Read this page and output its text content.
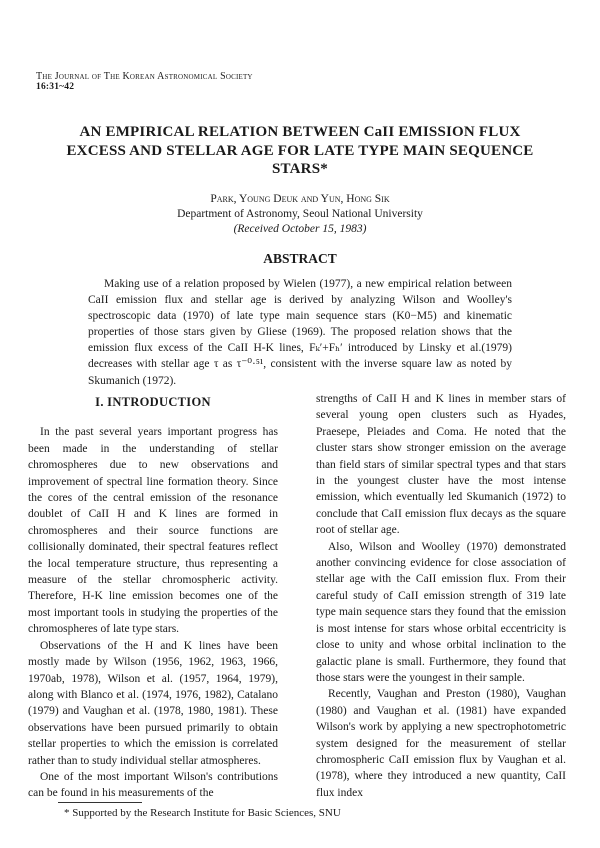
The Journal of The Korean Astronomical Society
16:31~42
AN EMPIRICAL RELATION BETWEEN CaII EMISSION FLUX EXCESS AND STELLAR AGE FOR LATE TYPE MAIN SEQUENCE STARS*
Park, Young Deuk and Yun, Hong Sik
Department of Astronomy, Seoul National University
(Received October 15, 1983)
ABSTRACT

Making use of a relation proposed by Wielen (1977), a new empirical relation between CaII emission flux and stellar age is derived by analyzing Wilson and Woolley's spectroscopic data (1970) of late type main sequence stars (K0−M5) and kinematic properties of those stars given by Gliese (1969). The proposed relation shows that the emission flux excess of the CaII H-K lines, Fₖ′+Fₕ′ introduced by Linsky et al.(1979) decreases with stellar age τ as τ⁻⁰·⁵¹, consistent with the inverse square law as noted by Skumanich (1972).

I. INTRODUCTION

In the past several years important progress has been made in the understanding of stellar chromospheres due to new observations and improvement of spectral line formation theory. Since the cores of the central emission of the resonance doublet of CaII H and K lines are formed in chromospheres and their source functions are collisionally dominated, their spectral features reflect the local temperature structure, thus representing a measure of the stellar chromospheric activity. Therefore, H-K line emission becomes one of the most important tools in studying the properties of the chromospheres of late type stars.

Observations of the H and K lines have been mostly made by Wilson (1956, 1962, 1963, 1966, 1970ab, 1978), Wilson et al. (1957, 1964, 1979), along with Blanco et al. (1974, 1976, 1982), Catalano (1979) and Vaughan et al. (1978, 1980, 1981). These observations have been pursued primarily to obtain stellar properties to which the emission is correlated rather than to study individual stellar atmospheres.

One of the most important Wilson's contributions can be found in his measurements of the

strengths of CaII H and K lines in member stars of several young open clusters such as Hyades, Praesepe, Pleiades and Coma. He noted that the cluster stars show stronger emission on the average than field stars of similar spectral types and that stars in the youngest cluster have the most intense emission, which eventually led Skumanich (1972) to conclude that CaII emission flux decays as the square root of stellar age.

Also, Wilson and Woolley (1970) demonstrated another convincing evidence for close association of stellar age with the CaII emission flux. From their careful study of CaII emission strength of 319 late type main sequence stars they found that the emission is most intense for stars whose orbital eccentricity is close to unity and whose orbital inclination to the galactic plane is small. Furthermore, they found that those stars were the youngest in their sample.

Recently, Vaughan and Preston (1980), Vaughan (1980) and Vaughan et al. (1981) have expanded Wilson's work by applying a new spectrophotometric system designed for the measurement of stellar chromospheric CaII emission flux by Vaughan et al. (1978), where they introduced a new quantity, CaII flux index

* Supported by the Research Institute for Basic Sciences, SNU
